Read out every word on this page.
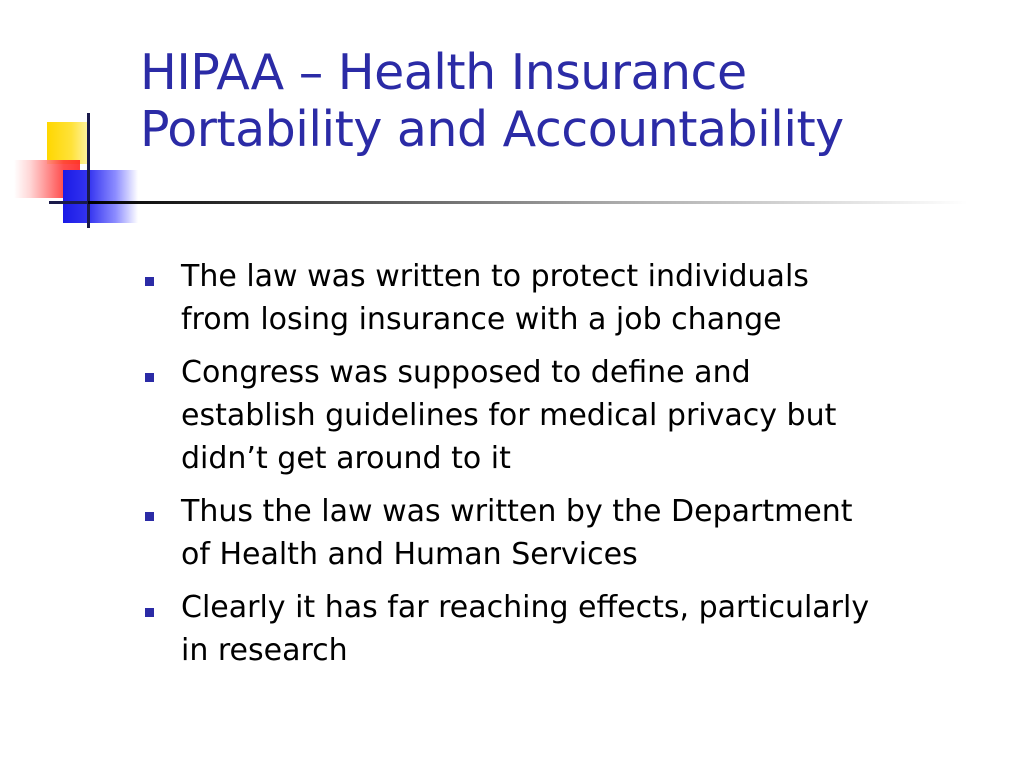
HIPAA – Health Insurance
Portability and Accountability
The law was written to protect individuals
from losing insurance with a job change
Congress was supposed to define and
establish guidelines for medical privacy but
didn’t get around to it
Thus the law was written by the Department
of Health and Human Services
Clearly it has far reaching effects, particularly
in research
